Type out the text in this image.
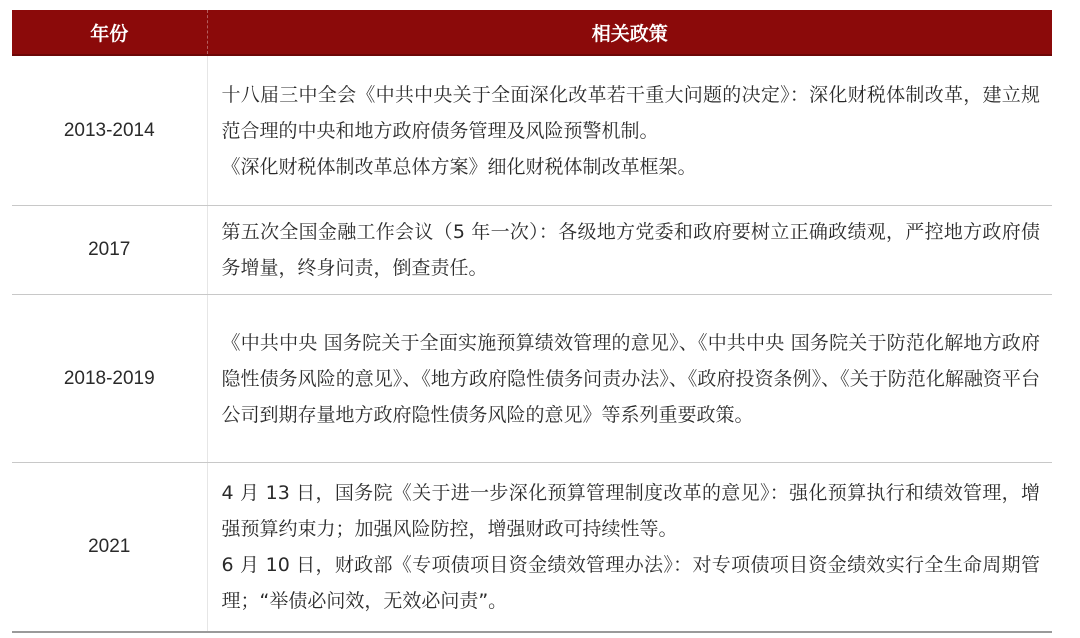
年份	相关政策
2013-2014	十八届三中全会《中共中央关于全面深化改革若干重大问题的决定》：深化财税体制改革，建立规范合理的中央和地方政府债务管理及风险预警机制。
《深化财税体制改革总体方案》细化财税体制改革框架。

2017	第五次全国金融工作会议（5 年一次）：各级地方党委和政府要树立正确政绩观，严控地方政府债务增量，终身问责，倒查责任。

2018-2019	《中共中央 国务院关于全面实施预算绩效管理的意见》、《中共中央 国务院关于防范化解地方政府隐性债务风险的意见》、《地方政府隐性债务问责办法》、《政府投资条例》、《关于防范化解融资平台公司到期存量地方政府隐性债务风险的意见》等系列重要政策。

2021	4 月 13 日，国务院《关于进一步深化预算管理制度改革的意见》：强化预算执行和绩效管理，增强预算约束力；加强风险防控，增强财政可持续性等。
6 月 10 日，财政部《专项债项目资金绩效管理办法》：对专项债项目资金绩效实行全生命周期管理；“举债必问效，无效必问责”。
